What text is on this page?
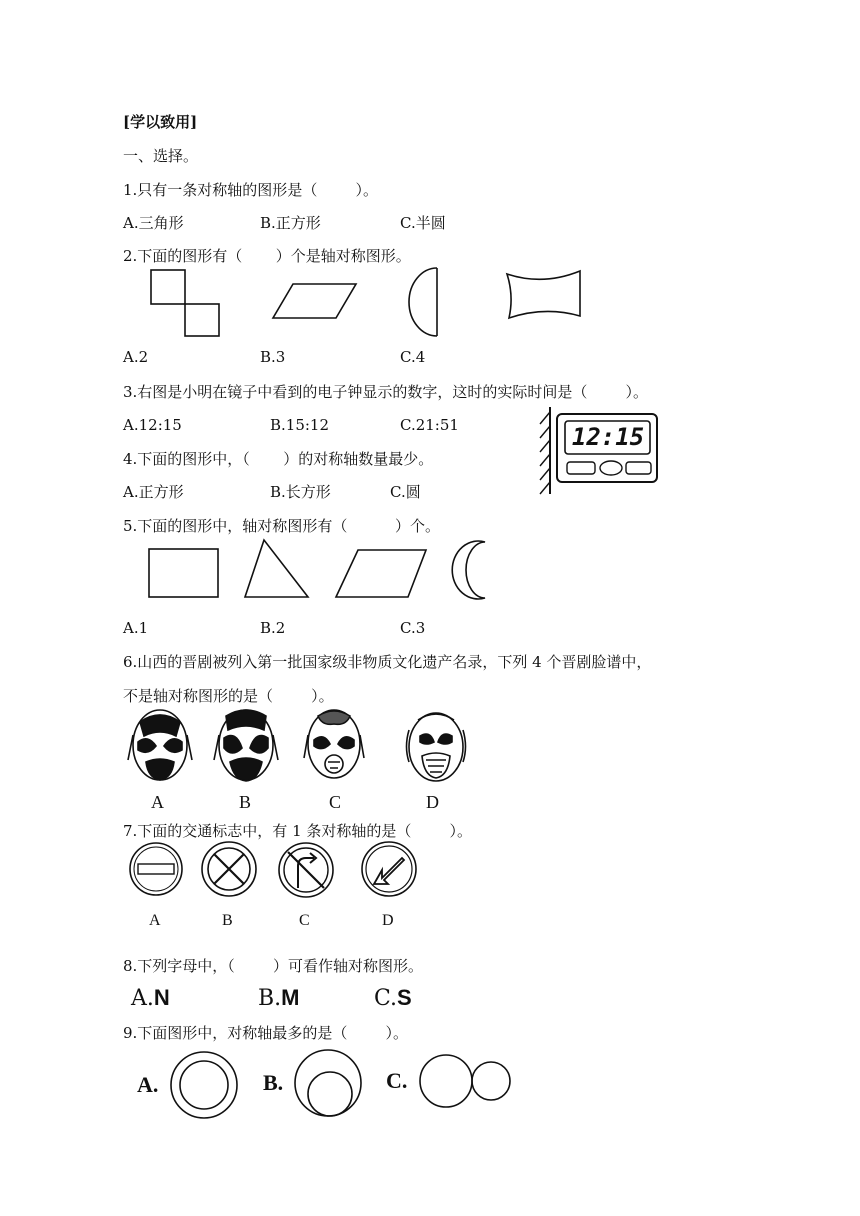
[学以致用]
一、选择。
1.只有一条对称轴的图形是（        ）。
A.三角形	B.正方形	C.半圆
2.下面的图形有（       ）个是轴对称图形。
A.2	B.3	C.4
3.右图是小明在镜子中看到的电子钟显示的数字，这时的实际时间是（        ）。
A.12:15	B.15:12	C.21:51	12:15
4.下面的图形中，（       ）的对称轴数量最少。
A.正方形	B.长方形	C.圆
5.下面的图形中，轴对称图形有（          ）个。
A.1	B.2	C.3
6.山西的晋剧被列入第一批国家级非物质文化遗产名录，下列 4 个晋剧脸谱中，
不是轴对称图形的是（        ）。
A	B	C	D
7.下面的交通标志中，有 1 条对称轴的是（        ）。
A	B	C	D
8.下列字母中，（        ）可看作轴对称图形。
A.N	B.M	C.S
9.下面图形中，对称轴最多的是（        ）。
A.	B.	C.
